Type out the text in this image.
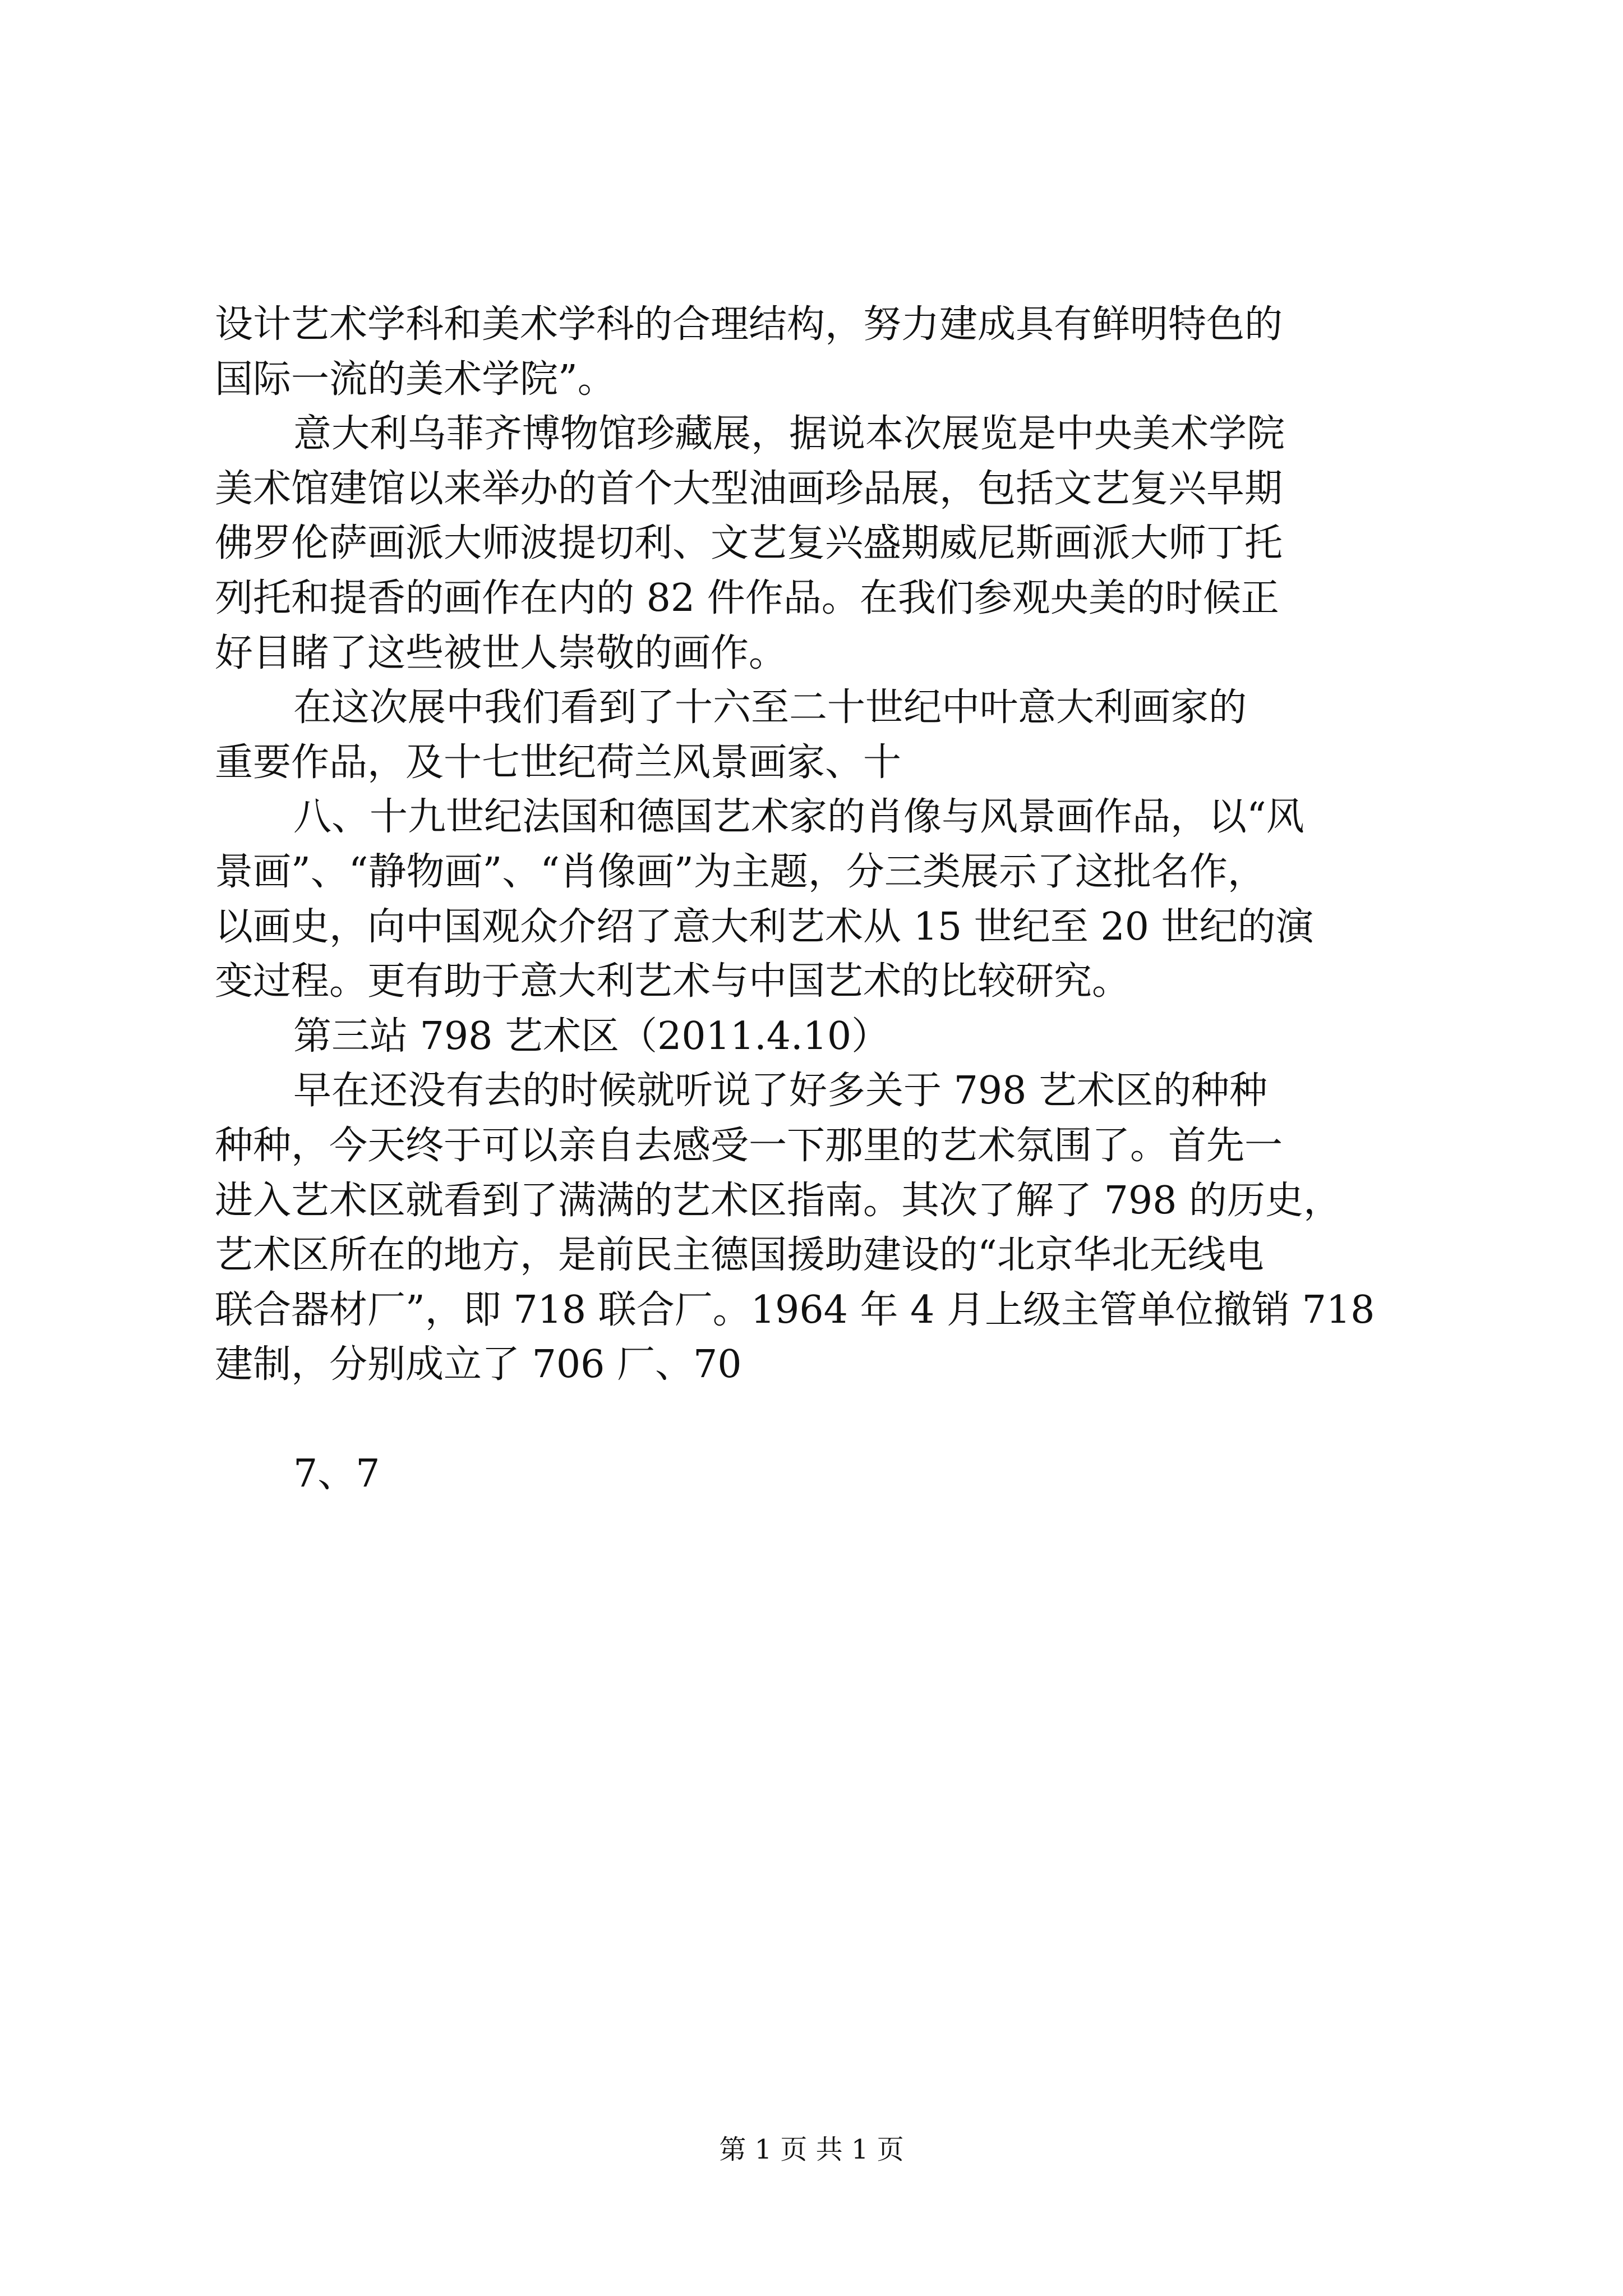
设计艺术学科和美术学科的合理结构，努力建成具有鲜明特色的
国际一流的美术学院”。
意大利乌菲齐博物馆珍藏展，据说本次展览是中央美术学院
美术馆建馆以来举办的首个大型油画珍品展，包括文艺复兴早期
佛罗伦萨画派大师波提切利、文艺复兴盛期威尼斯画派大师丁托
列托和提香的画作在内的 82 件作品。在我们参观央美的时候正
好目睹了这些被世人崇敬的画作。
在这次展中我们看到了十六至二十世纪中叶意大利画家的
重要作品，及十七世纪荷兰风景画家、十
八、十九世纪法国和德国艺术家的肖像与风景画作品，以“风
景画”、“静物画”、“肖像画”为主题，分三类展示了这批名作，
以画史，向中国观众介绍了意大利艺术从 15 世纪至 20 世纪的演
变过程。更有助于意大利艺术与中国艺术的比较研究。
第三站 798 艺术区（2011.4.10）
早在还没有去的时候就听说了好多关于 798 艺术区的种种
种种，今天终于可以亲自去感受一下那里的艺术氛围了。首先一
进入艺术区就看到了满满的艺术区指南。其次了解了 798 的历史，
艺术区所在的地方，是前民主德国援助建设的“北京华北无线电
联合器材厂”，即 718 联合厂。1964 年 4 月上级主管单位撤销 718
建制，分别成立了 706 厂、70
7、7
第 1 页 共 1 页
